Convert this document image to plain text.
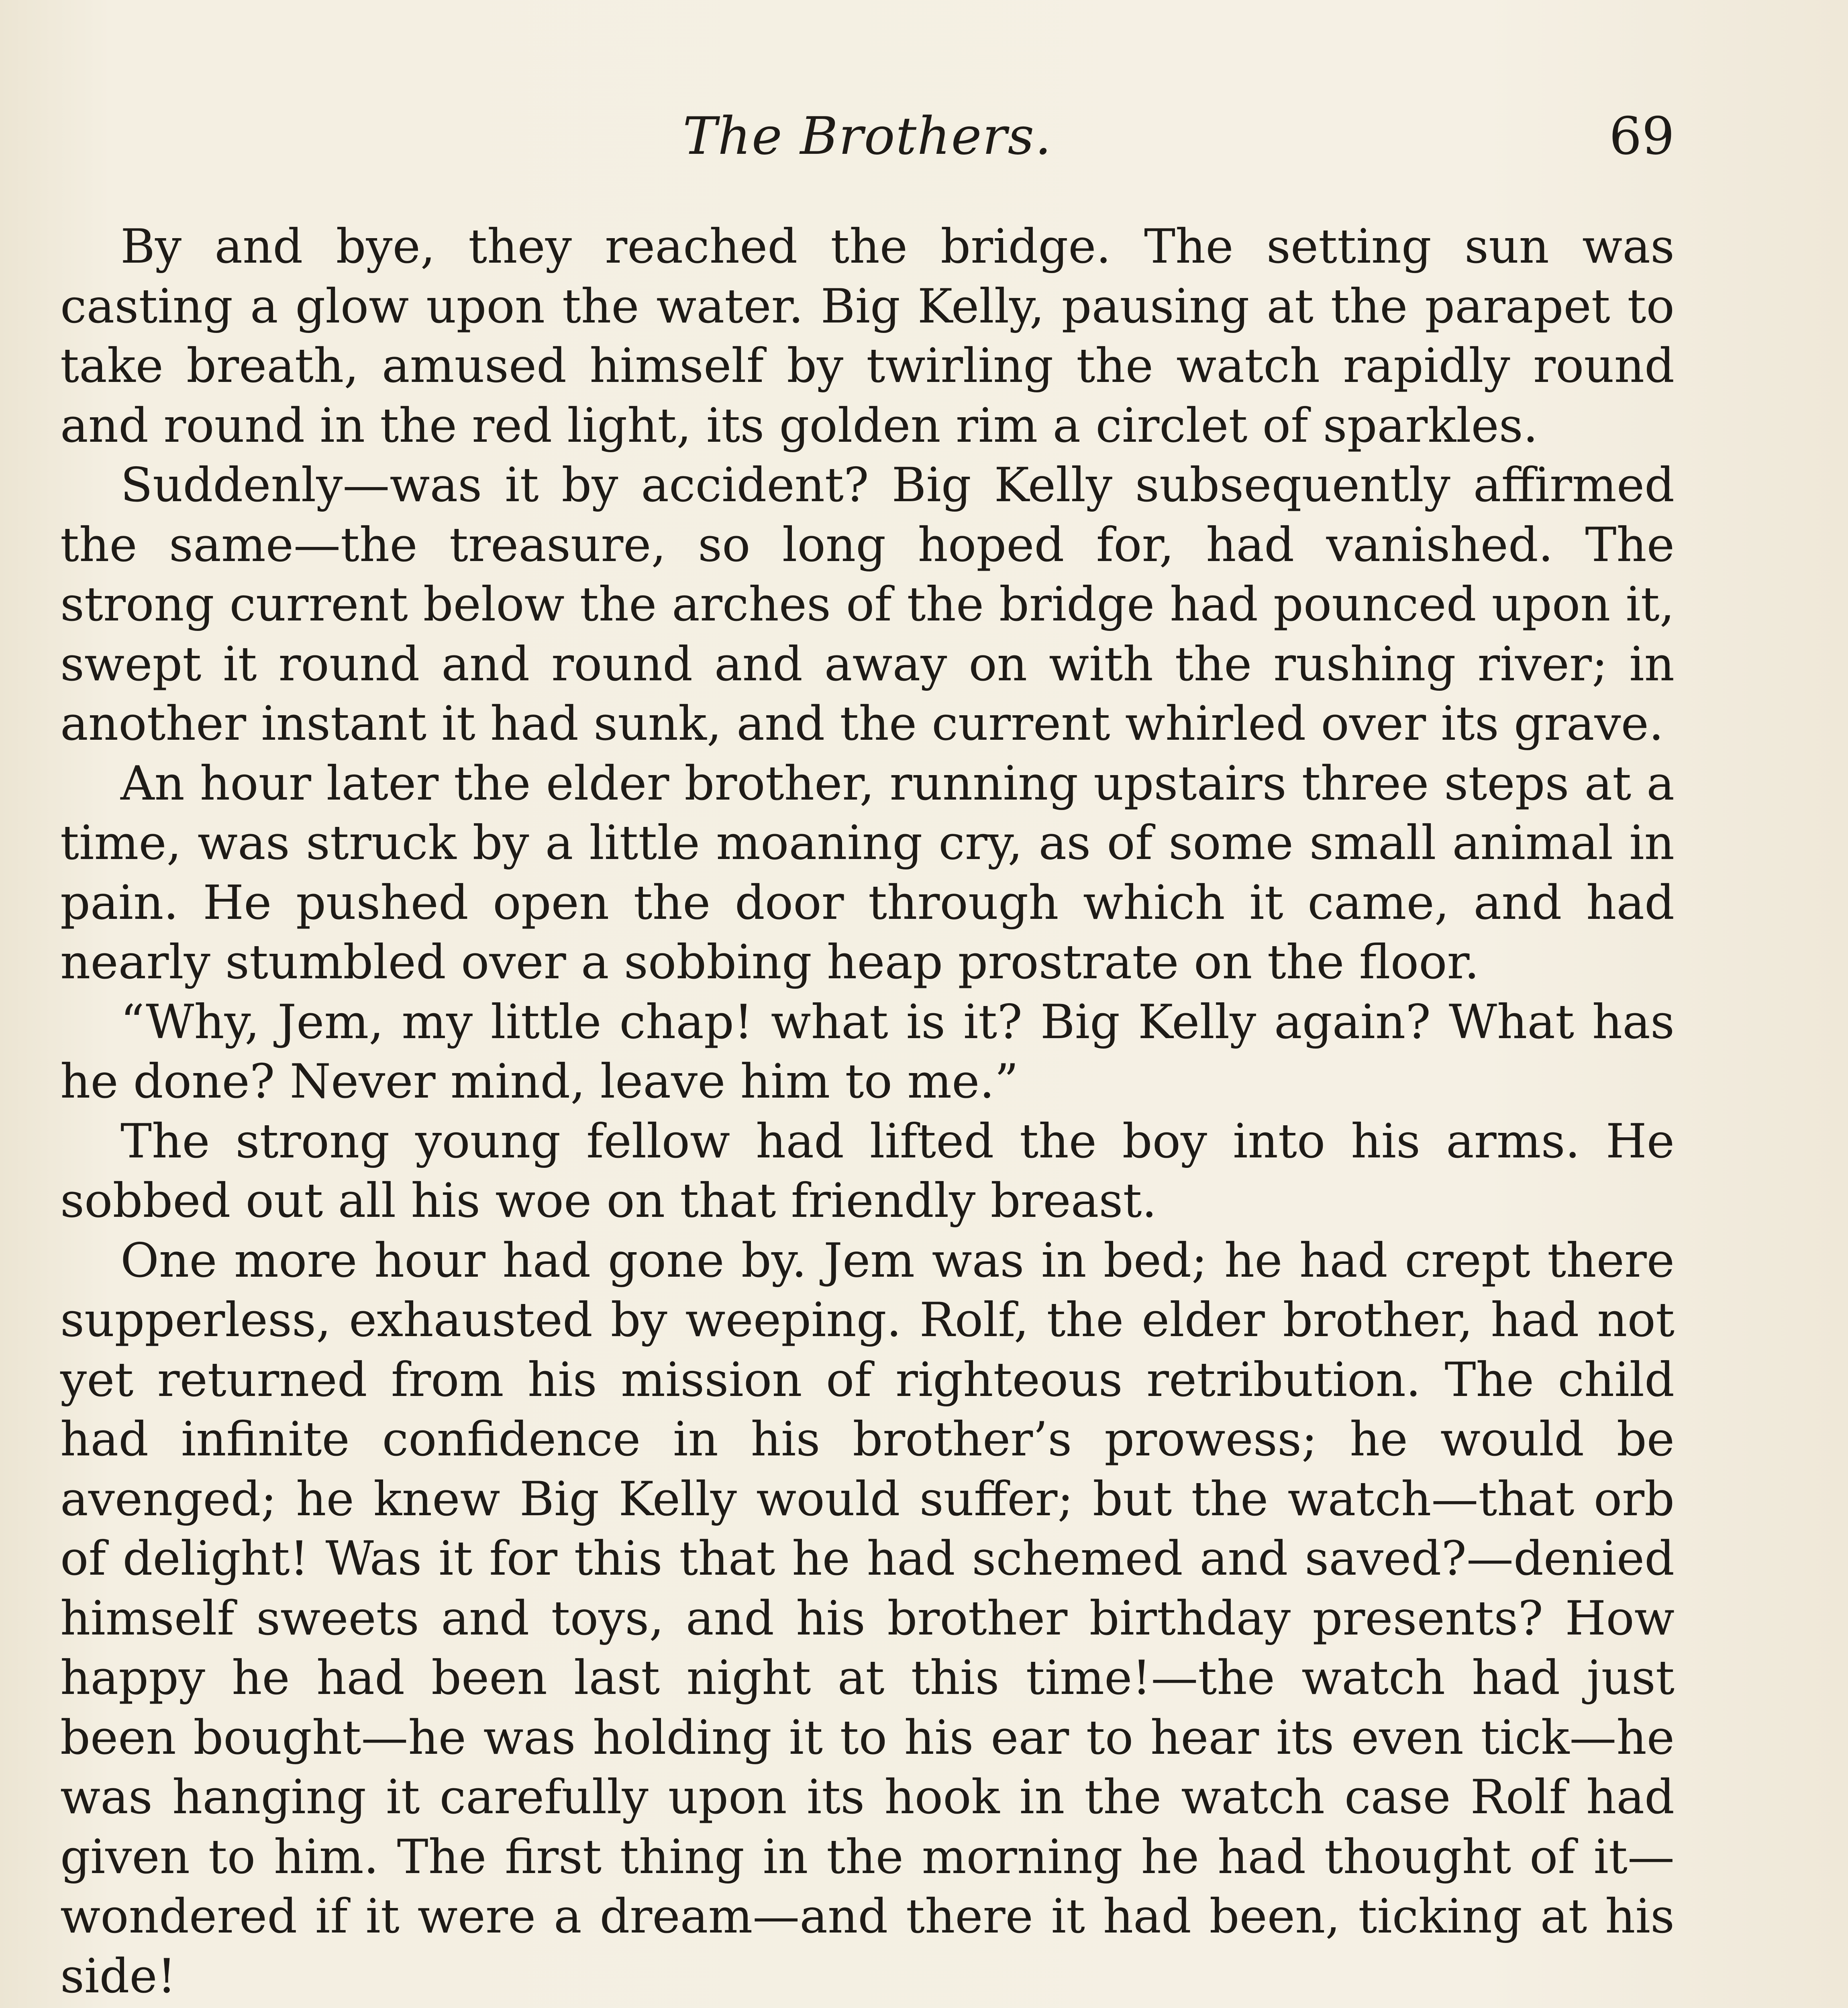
The Brothers.	69

By and bye, they reached the bridge. The setting sun was casting a glow upon the water. Big Kelly, pausing at the parapet to take breath, amused himself by twirling the watch rapidly round and round in the red light, its golden rim a circlet of sparkles.

Suddenly—was it by accident? Big Kelly subsequently affirmed the same—the treasure, so long hoped for, had vanished. The strong current below the arches of the bridge had pounced upon it, swept it round and round and away on with the rushing river; in another instant it had sunk, and the current whirled over its grave.

An hour later the elder brother, running upstairs three steps at a time, was struck by a little moaning cry, as of some small animal in pain. He pushed open the door through which it came, and had nearly stumbled over a sobbing heap prostrate on the floor.

“Why, Jem, my little chap! what is it? Big Kelly again? What has he done? Never mind, leave him to me.”

The strong young fellow had lifted the boy into his arms. He sobbed out all his woe on that friendly breast.

One more hour had gone by. Jem was in bed; he had crept there supperless, exhausted by weeping. Rolf, the elder brother, had not yet returned from his mission of righteous retribution. The child had infinite confidence in his brother’s prowess; he would be avenged; he knew Big Kelly would suffer; but the watch—that orb of delight! Was it for this that he had schemed and saved?—denied himself sweets and toys, and his brother birthday presents? How happy he had been last night at this time!—the watch had just been bought—he was holding it to his ear to hear its even tick—he was hanging it carefully upon its hook in the watch case Rolf had given to him. The first thing in the morning he had thought of it—wondered if it were a dream—and there it had been, ticking at his side!
